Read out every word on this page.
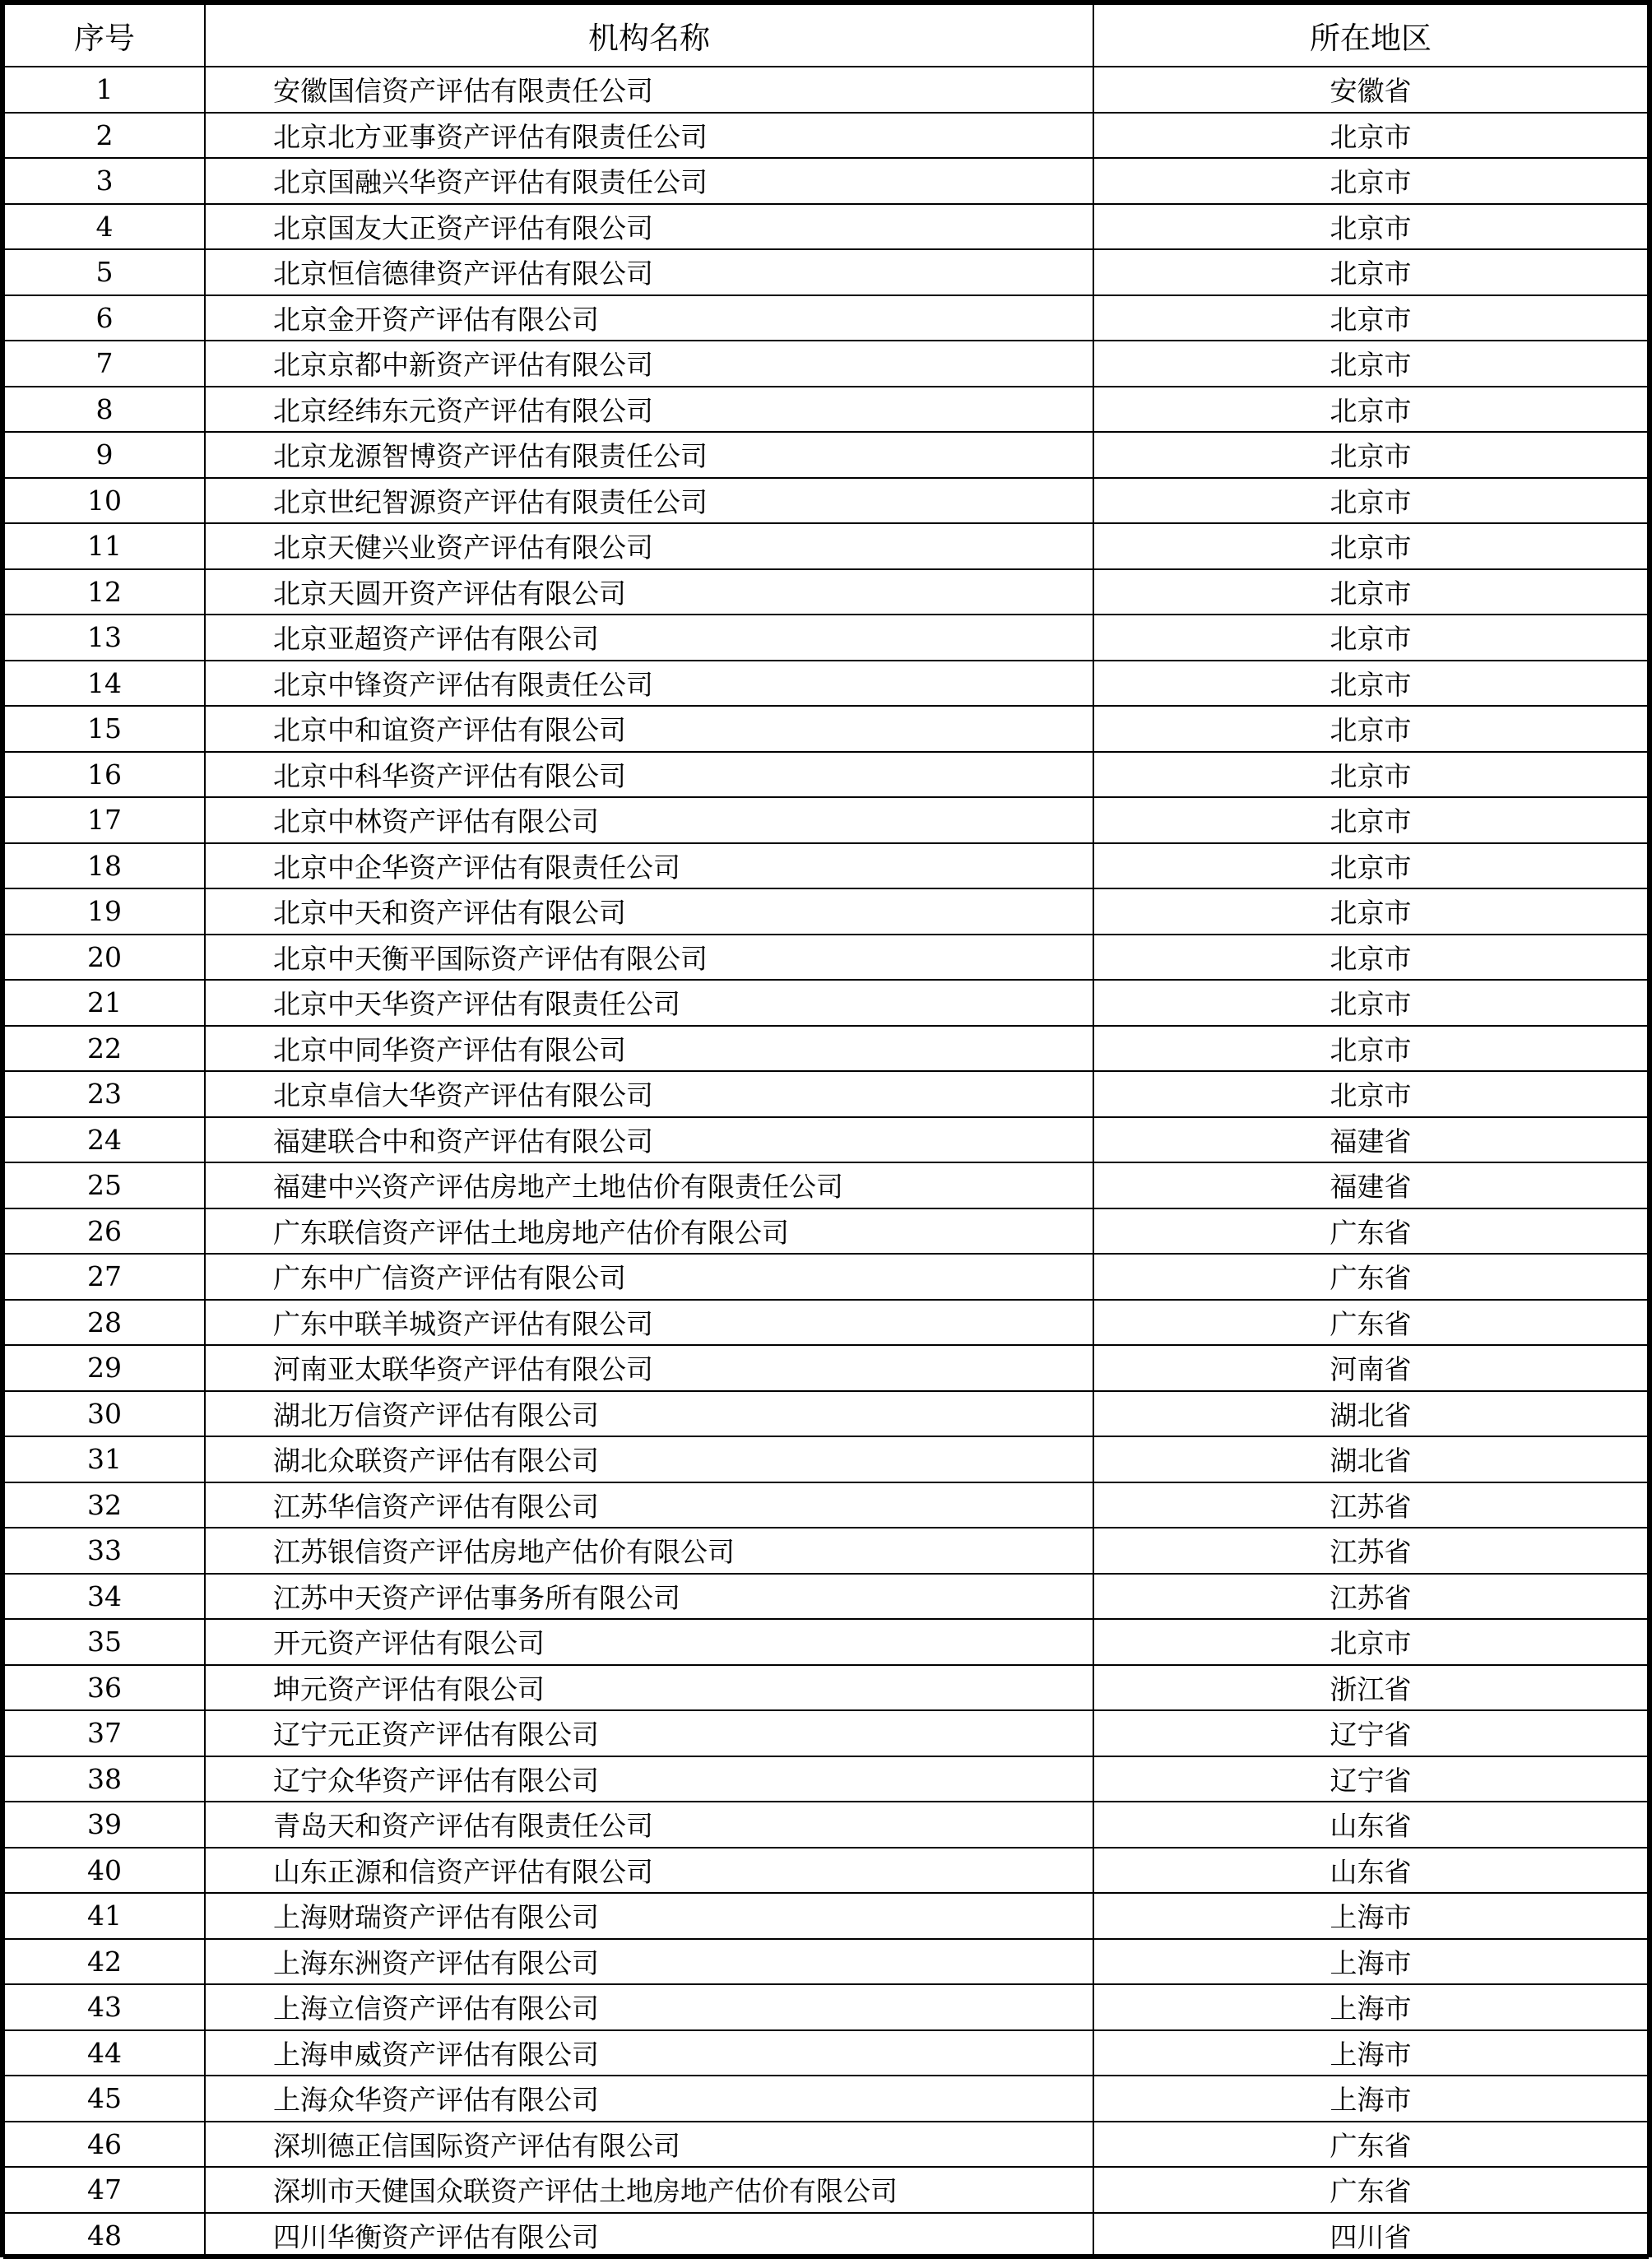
序号	机构名称	所在地区
1	安徽国信资产评估有限责任公司	安徽省
2	北京北方亚事资产评估有限责任公司	北京市
3	北京国融兴华资产评估有限责任公司	北京市
4	北京国友大正资产评估有限公司	北京市
5	北京恒信德律资产评估有限公司	北京市
6	北京金开资产评估有限公司	北京市
7	北京京都中新资产评估有限公司	北京市
8	北京经纬东元资产评估有限公司	北京市
9	北京龙源智博资产评估有限责任公司	北京市
10	北京世纪智源资产评估有限责任公司	北京市
11	北京天健兴业资产评估有限公司	北京市
12	北京天圆开资产评估有限公司	北京市
13	北京亚超资产评估有限公司	北京市
14	北京中锋资产评估有限责任公司	北京市
15	北京中和谊资产评估有限公司	北京市
16	北京中科华资产评估有限公司	北京市
17	北京中林资产评估有限公司	北京市
18	北京中企华资产评估有限责任公司	北京市
19	北京中天和资产评估有限公司	北京市
20	北京中天衡平国际资产评估有限公司	北京市
21	北京中天华资产评估有限责任公司	北京市
22	北京中同华资产评估有限公司	北京市
23	北京卓信大华资产评估有限公司	北京市
24	福建联合中和资产评估有限公司	福建省
25	福建中兴资产评估房地产土地估价有限责任公司	福建省
26	广东联信资产评估土地房地产估价有限公司	广东省
27	广东中广信资产评估有限公司	广东省
28	广东中联羊城资产评估有限公司	广东省
29	河南亚太联华资产评估有限公司	河南省
30	湖北万信资产评估有限公司	湖北省
31	湖北众联资产评估有限公司	湖北省
32	江苏华信资产评估有限公司	江苏省
33	江苏银信资产评估房地产估价有限公司	江苏省
34	江苏中天资产评估事务所有限公司	江苏省
35	开元资产评估有限公司	北京市
36	坤元资产评估有限公司	浙江省
37	辽宁元正资产评估有限公司	辽宁省
38	辽宁众华资产评估有限公司	辽宁省
39	青岛天和资产评估有限责任公司	山东省
40	山东正源和信资产评估有限公司	山东省
41	上海财瑞资产评估有限公司	上海市
42	上海东洲资产评估有限公司	上海市
43	上海立信资产评估有限公司	上海市
44	上海申威资产评估有限公司	上海市
45	上海众华资产评估有限公司	上海市
46	深圳德正信国际资产评估有限公司	广东省
47	深圳市天健国众联资产评估土地房地产估价有限公司	广东省
48	四川华衡资产评估有限公司	四川省
